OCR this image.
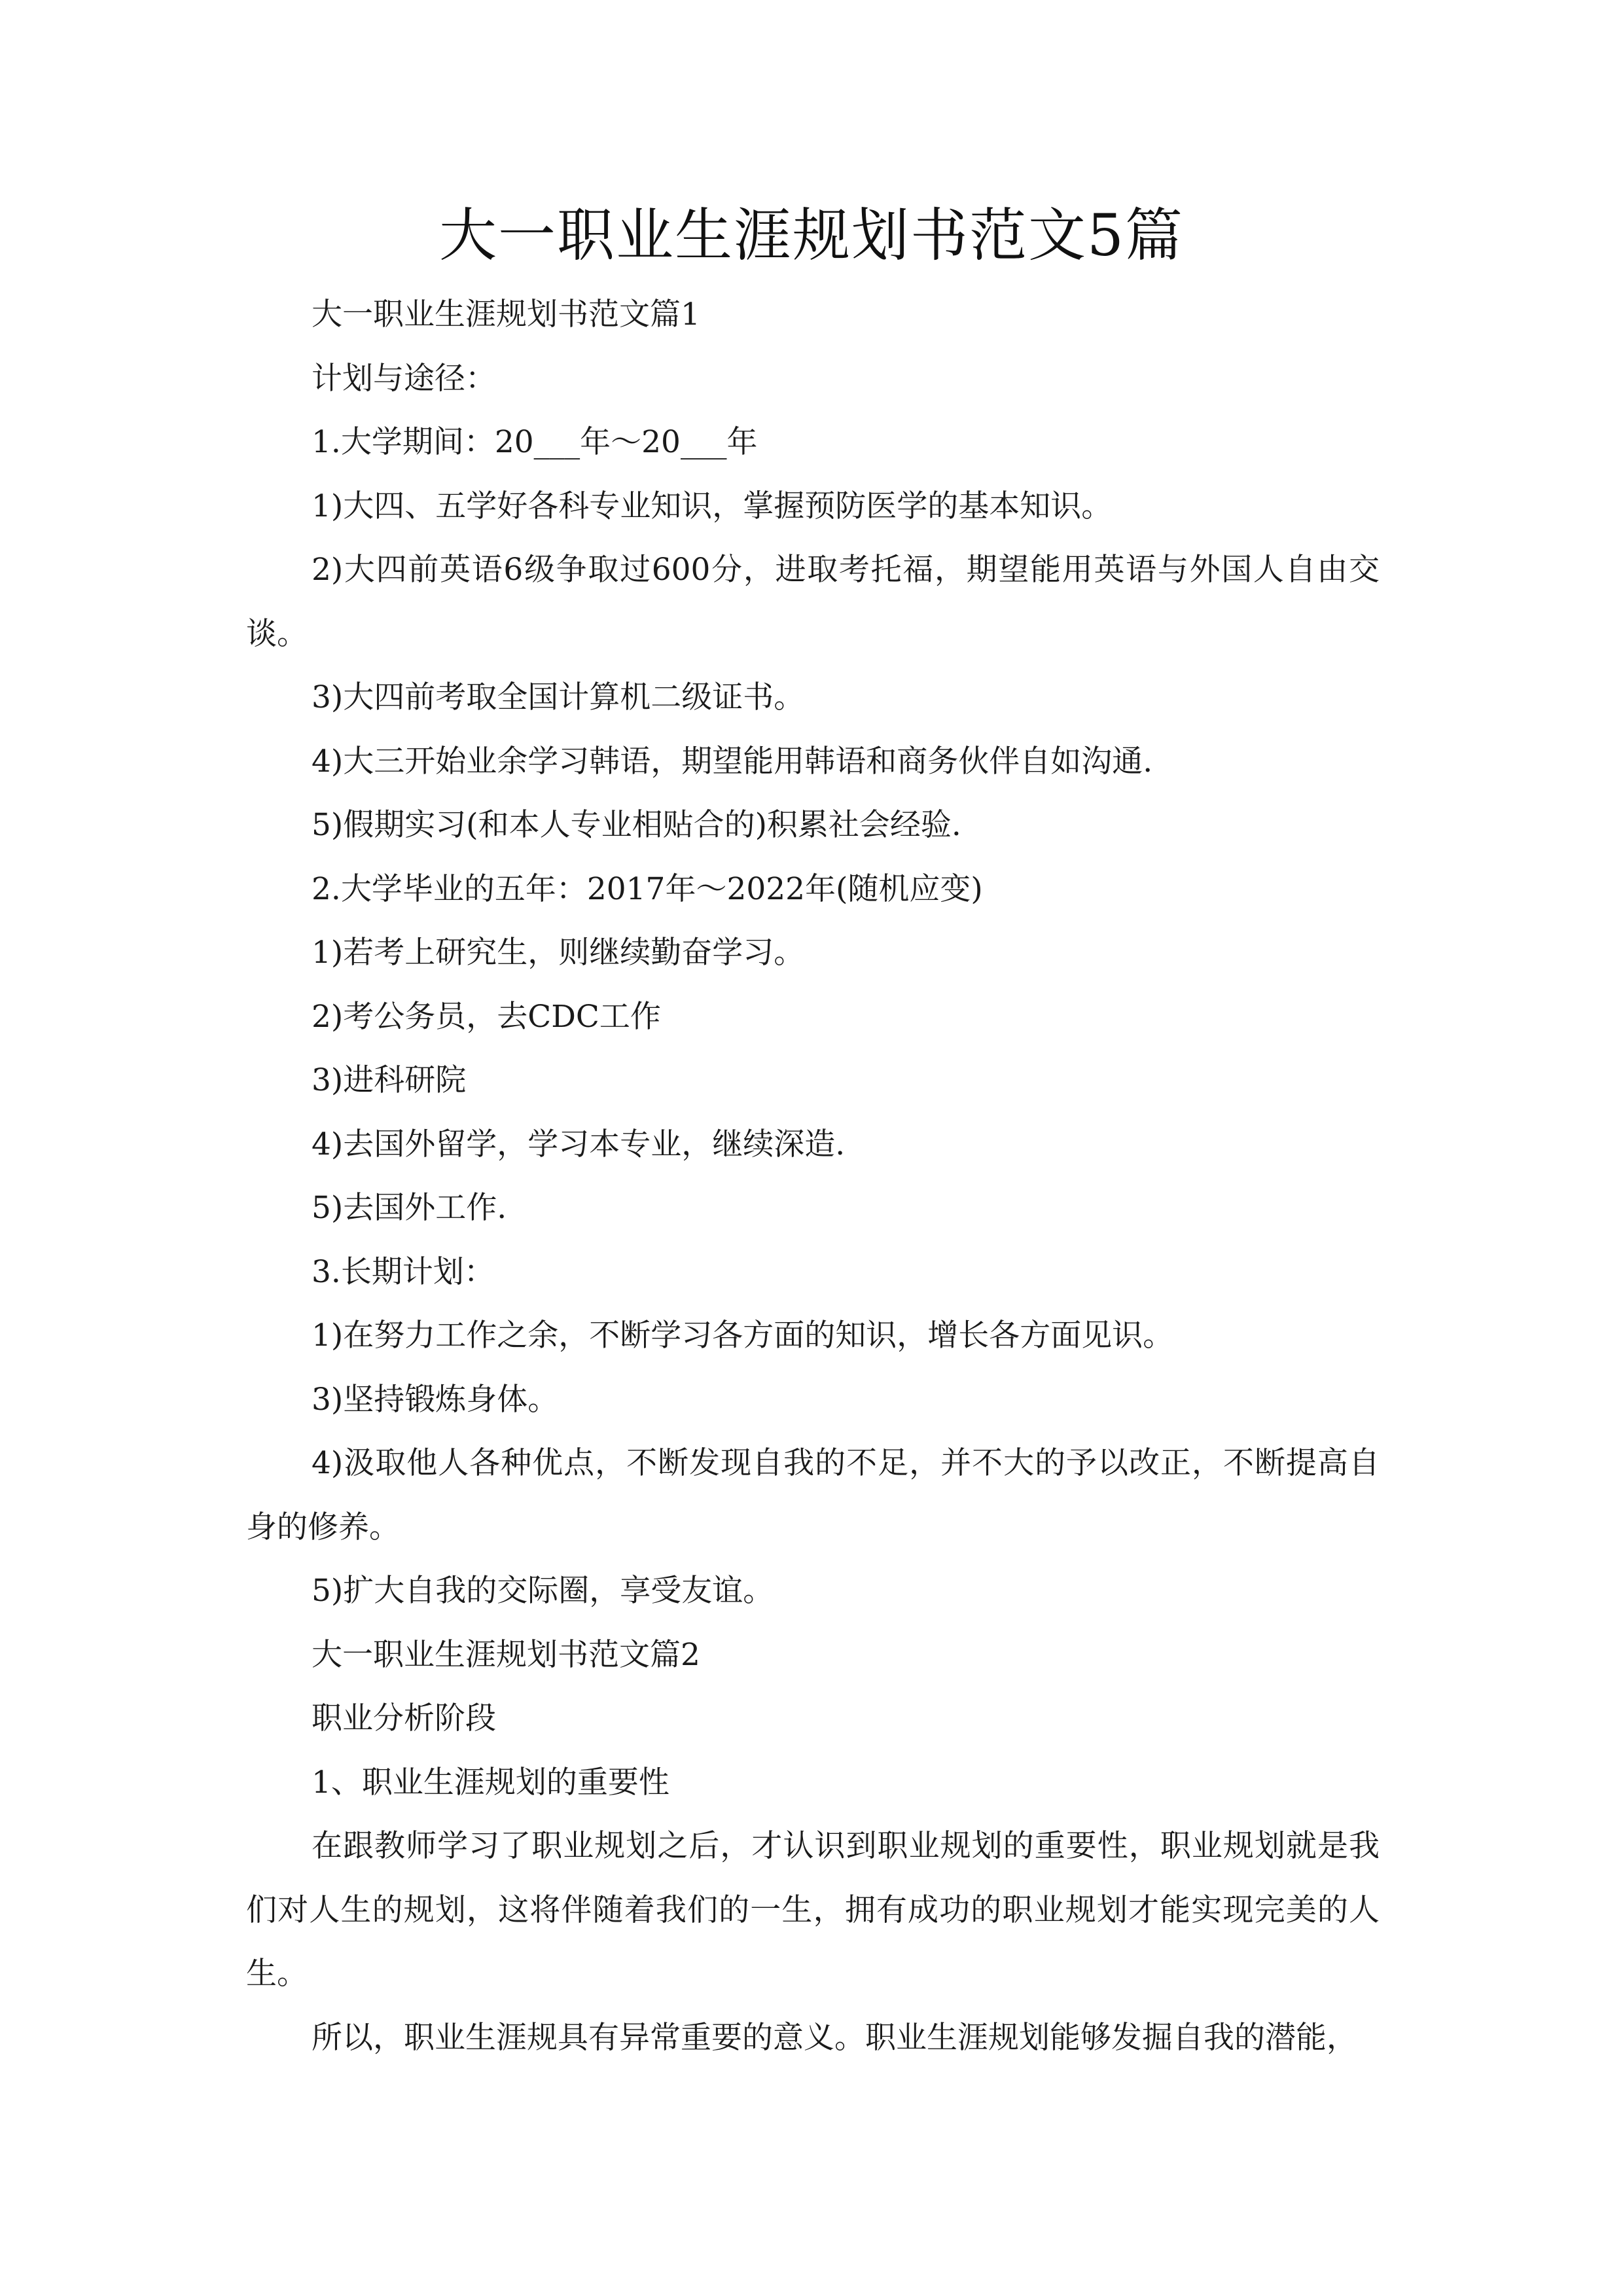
大一职业生涯规划书范文5篇

大一职业生涯规划书范文篇1

计划与途径：

1.大学期间：20___年～20___年

1)大四、五学好各科专业知识，掌握预防医学的基本知识。

2)大四前英语6级争取过600分，进取考托福，期望能用英语与外国人自由交谈。

3)大四前考取全国计算机二级证书。

4)大三开始业余学习韩语，期望能用韩语和商务伙伴自如沟通.

5)假期实习(和本人专业相贴合的)积累社会经验.

2.大学毕业的五年：2017年～2022年(随机应变)

1)若考上研究生，则继续勤奋学习。

2)考公务员，去CDC工作

3)进科研院

4)去国外留学，学习本专业，继续深造.

5)去国外工作.

3.长期计划：

1)在努力工作之余，不断学习各方面的知识，增长各方面见识。

3)坚持锻炼身体。

4)汲取他人各种优点，不断发现自我的不足，并不大的予以改正，不断提高自身的修养。

5)扩大自我的交际圈，享受友谊。

大一职业生涯规划书范文篇2

职业分析阶段

1、职业生涯规划的重要性

在跟教师学习了职业规划之后，才认识到职业规划的重要性，职业规划就是我们对人生的规划，这将伴随着我们的一生，拥有成功的职业规划才能实现完美的人生。

所以，职业生涯规具有异常重要的意义。职业生涯规划能够发掘自我的潜能，
